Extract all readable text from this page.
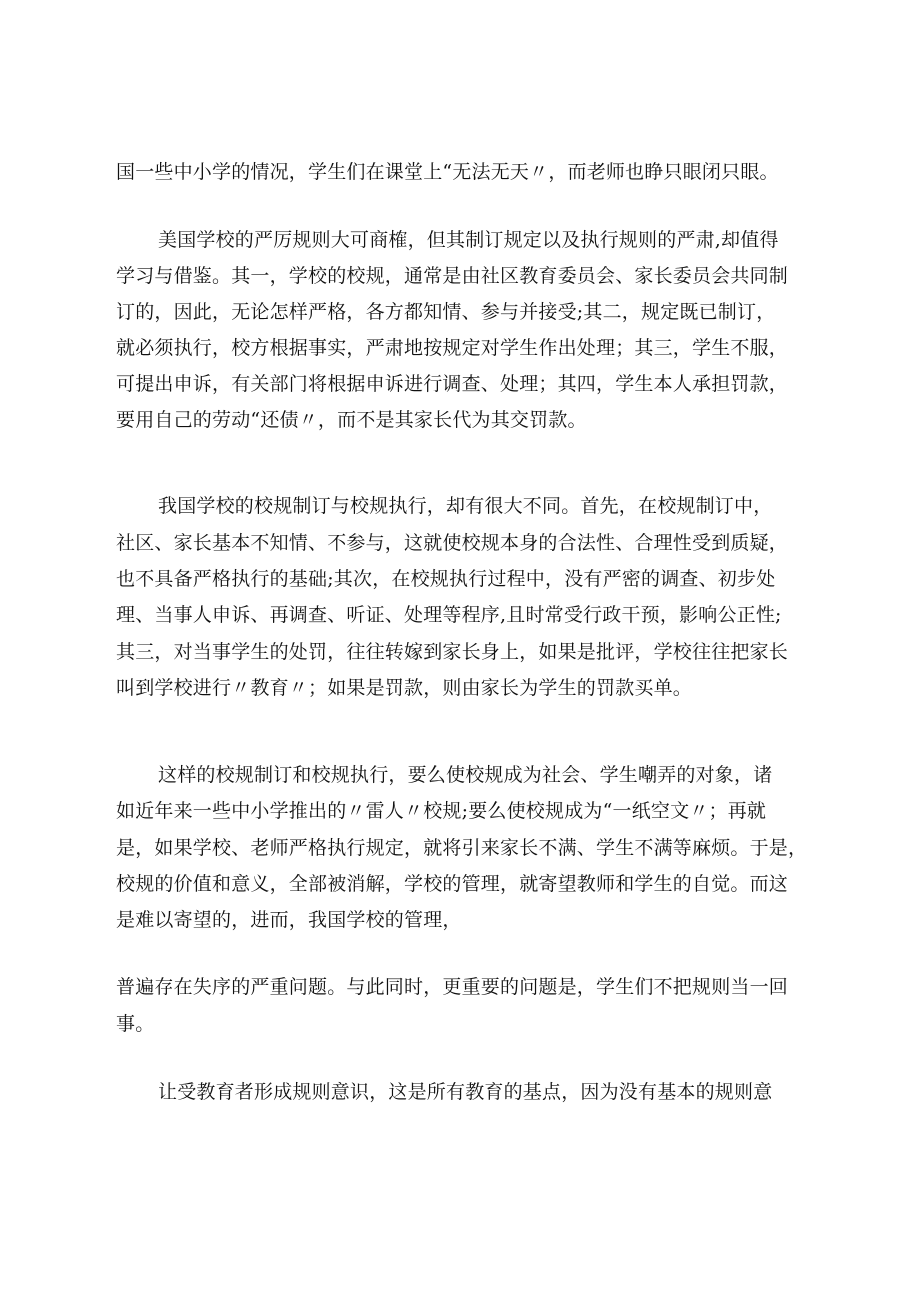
国一些中小学的情况，学生们在课堂上“无法无天〃，而老师也睁只眼闭只眼。
美国学校的严厉规则大可商榷，但其制订规定以及执行规则的严肃,却值得
学习与借鉴。其一，学校的校规，通常是由社区教育委员会、家长委员会共同制
订的，因此，无论怎样严格，各方都知情、参与并接受;其二，规定既已制订，
就必须执行，校方根据事实，严肃地按规定对学生作出处理；其三，学生不服，
可提出申诉，有关部门将根据申诉进行调查、处理；其四，学生本人承担罚款，
要用自己的劳动“还债〃，而不是其家长代为其交罚款。
我国学校的校规制订与校规执行，却有很大不同。首先，在校规制订中，
社区、家长基本不知情、不参与，这就使校规本身的合法性、合理性受到质疑，
也不具备严格执行的基础;其次，在校规执行过程中，没有严密的调查、初步处
理、当事人申诉、再调查、听证、处理等程序,且时常受行政干预，影响公正性;
其三，对当事学生的处罚，往往转嫁到家长身上，如果是批评，学校往往把家长
叫到学校进行〃教育〃；如果是罚款，则由家长为学生的罚款买单。
这样的校规制订和校规执行，要么使校规成为社会、学生嘲弄的对象，诸
如近年来一些中小学推出的〃雷人〃校规;要么使校规成为“一纸空文〃；再就
是，如果学校、老师严格执行规定，就将引来家长不满、学生不满等麻烦。于是，
校规的价值和意义，全部被消解，学校的管理，就寄望教师和学生的自觉。而这
是难以寄望的，进而，我国学校的管理，
普遍存在失序的严重问题。与此同时，更重要的问题是，学生们不把规则当一回
事。
让受教育者形成规则意识，这是所有教育的基点，因为没有基本的规则意
